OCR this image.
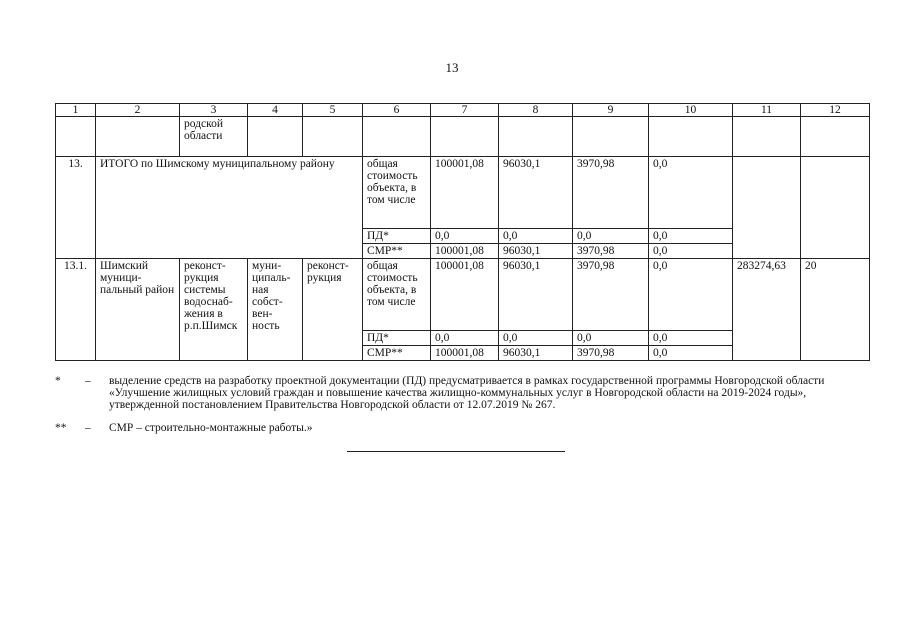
13
1	2	3	4	5	6	7	8	9	10	11	12
		родской области									
13.	ИТОГО по Шимскому муниципальному району				общая стоимость объекта, в том числе	100001,08	96030,1	3970,98	0,0		
					ПД*	0,0	0,0	0,0	0,0		
					СМР**	100001,08	96030,1	3970,98	0,0		
13.1.	Шимский муници-пальный район	реконст-рукция системы водоснаб-жения в р.п.Шимск	муни-ципаль-ная собст-вен-ность	реконст-рукция	общая стоимость объекта, в том числе	100001,08	96030,1	3970,98	0,0	283274,63	20
					ПД*	0,0	0,0	0,0	0,0		
					СМР**	100001,08	96030,1	3970,98	0,0		
*	–	выделение средств на разработку проектной документации (ПД) предусматривается в рамках государственной программы Новгородской области «Улучшение жилищных условий граждан и повышение качества жилищно-коммунальных услуг в Новгородской области на 2019-2024 годы», утвержденной постановлением Правительства Новгородской области от 12.07.2019 № 267.
**	–	СМР – строительно-монтажные работы.»
